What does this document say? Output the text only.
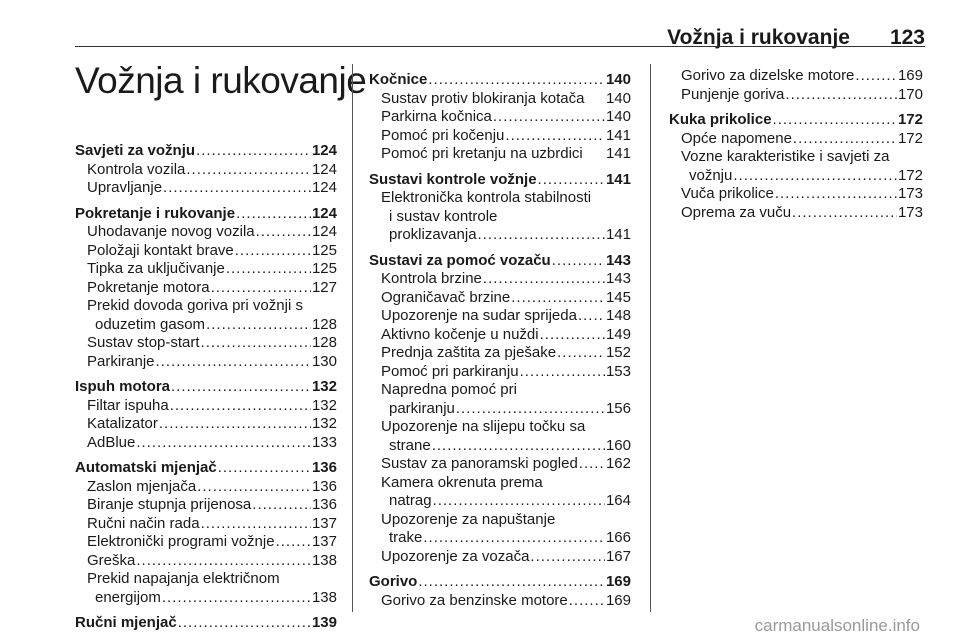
Vožnja i rukovanje 123
Vožnja i rukovanje
Savjeti za vožnju .....	124
Kontrola vozila .....	124
Upravljanje .....	124
Pokretanje i rukovanje .....	124
Uhodavanje novog vozila .....	124
Položaji kontakt brave .....	125
Tipka za uključivanje .....	125
Pokretanje motora .....	127
Prekid dovoda goriva pri vožnji s
oduzetim gasom .....	128
Sustav stop-start .....	128
Parkiranje .....	130
Ispuh motora .....	132
Filtar ispuha .....	132
Katalizator .....	132
AdBlue .....	133
Automatski mjenjač .....	136
Zaslon mjenjača .....	136
Biranje stupnja prijenosa .....	136
Ručni način rada .....	137
Elektronički programi vožnje ..... 137
Greška .....	138
Prekid napajanja električnom
energijom .....	138
Ručni mjenjač .....	139
Kočnice .....	140
Sustav protiv blokiranja kotača 140
Parkirna kočnica .....	140
Pomoć pri kočenju .....	141
Pomoć pri kretanju na uzbrdici 141
Sustavi kontrole vožnje .....	141
Elektronička kontrola stabilnosti
i sustav kontrole
proklizavanja .....	141
Sustavi za pomoć vozaču .....	143
Kontrola brzine .....	143
Ograničavač brzine .....	145
Upozorenje na sudar sprijeda ..... 148
Aktivno kočenje u nuždi .....	149
Prednja zaštita za pješake .....	152
Pomoć pri parkiranju .....	153
Napredna pomoć pri
parkiranju .....	156
Upozorenje na slijepu točku sa
strane .....	160
Sustav za panoramski pogled ..... 162
Kamera okrenuta prema
natrag .....	164
Upozorenje za napuštanje
trake .....	166
Upozorenje za vozača .....	167
Gorivo .....	169
Gorivo za benzinske motore .....	169
Gorivo za dizelske motore .....	169
Punjenje goriva .....	170
Kuka prikolice .....	172
Opće napomene .....	172
Vozne karakteristike i savjeti za
vožnju .....	172
Vuča prikolice .....	173
Oprema za vuču .....	173
carmanualsonline.info
